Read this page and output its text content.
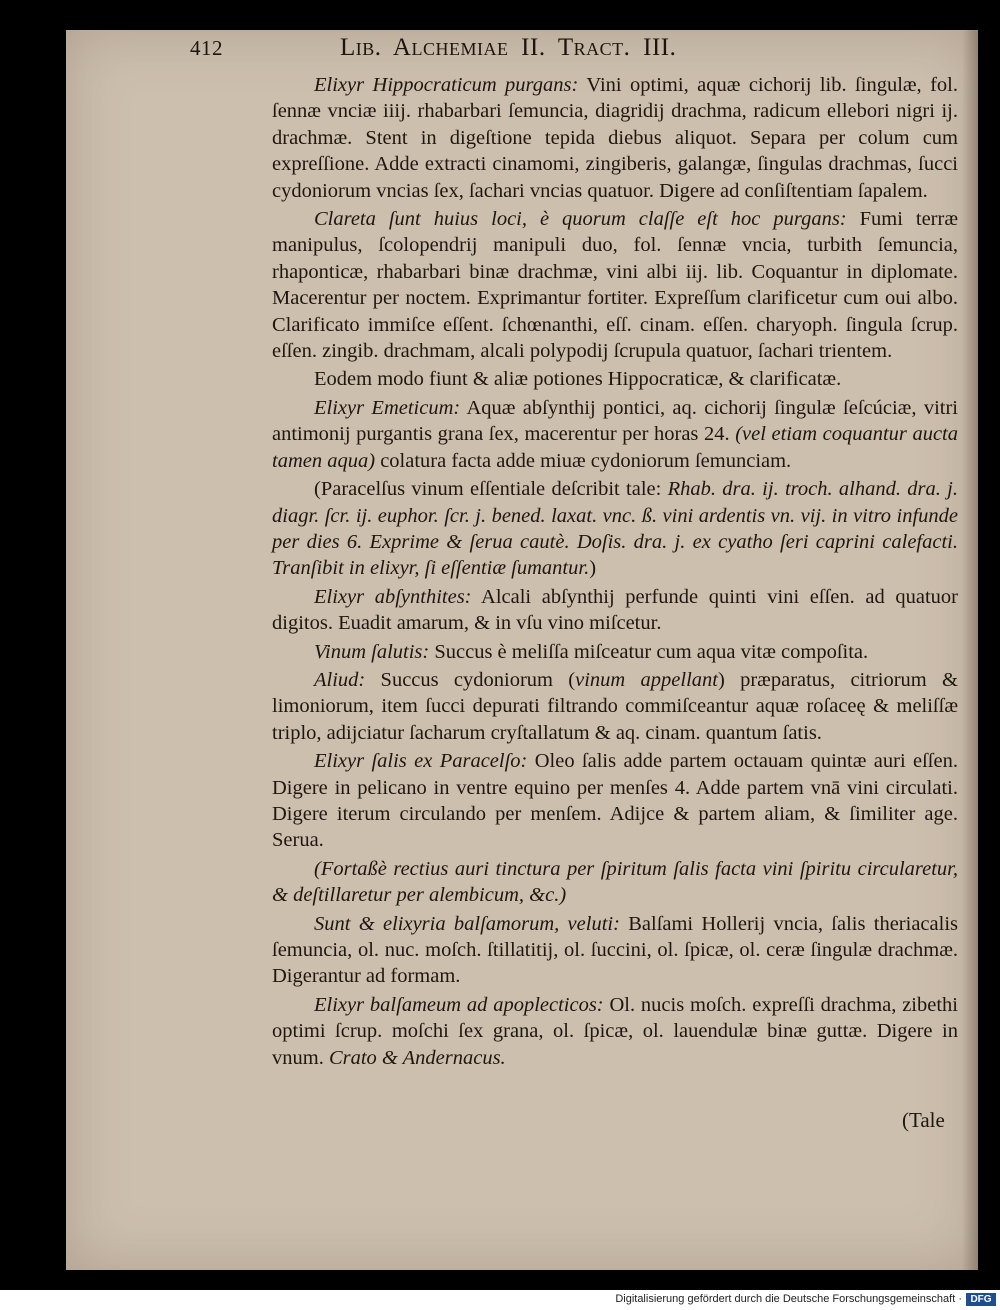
412	Lib. Alchemiae II. Tract. III.

Elixyr Hippocraticum purgans: Vini optimi, aquæ cichorij lib. ſingulæ, fol. ſennæ vnciæ iiij. rhabarbari ſemuncia, diagridij drachma, radicum ellebori nigri ij. drachmæ. Stent in digeſtione tepida diebus aliquot. Separa per colum cum expreſſione. Adde extracti cinamomi, zingiberis, galangæ, ſingulas drachmas, ſucci cydoniorum vncias ſex, ſachari vncias quatuor. Digere ad conſiſtentiam ſapalem.

Clareta ſunt huius loci, è quorum claſſe eſt hoc purgans: Fumi terræ manipulus, ſcolopendrij manipuli duo, fol. ſennæ vncia, turbith ſemuncia, rhaponticæ, rhabarbari binæ drachmæ, vini albi iij. lib. Coquantur in diplomate. Macerentur per noctem. Exprimantur fortiter. Expreſſum clarificetur cum oui albo. Clarificato immiſce eſſent. ſchœnanthi, eſſ. cinam. eſſen. charyoph. ſingula ſcrup. eſſen. zingib. drachmam, alcali polypodij ſcrupula quatuor, ſachari trientem.

Eodem modo fiunt & aliæ potiones Hippocraticæ, & clarificatæ.

Elixyr Emeticum: Aquæ abſynthij pontici, aq. cichorij ſingulæ ſeſcúciæ, vitri antimonij purgantis grana ſex, macerentur per horas 24. (vel etiam coquantur aucta tamen aqua) colatura facta adde miuæ cydoniorum ſemunciam.

(Paracelſus vinum eſſentiale deſcribit tale: Rhab. dra. ij. troch. alhand. dra. j. diagr. ſcr. ij. euphor. ſcr. j. bened. laxat. vnc. ß. vini ardentis vn. vij. in vitro infunde per dies 6. Exprime & ſerua cautè. Doſis. dra. j. ex cyatho ſeri caprini calefacti. Tranſibit in elixyr, ſi eſſentiæ ſumantur.)

Elixyr abſynthites: Alcali abſynthij perfunde quinti vini eſſen. ad quatuor digitos. Euadit amarum, & in vſu vino miſcetur.

Vinum ſalutis: Succus è meliſſa miſceatur cum aqua vitæ compoſita.

Aliud: Succus cydoniorum (vinum appellant) præparatus, citriorum & limoniorum, item ſucci depurati filtrando commiſceantur aquæ roſaceę & meliſſæ triplo, adijciatur ſacharum cryſtallatum & aq. cinam. quantum ſatis.

Elixyr ſalis ex Paracelſo: Oleo ſalis adde partem octauam quintæ auri eſſen. Digere in pelicano in ventre equino per menſes 4. Adde partem vnā vini circulati. Digere iterum circulando per menſem. Adijce & partem aliam, & ſimiliter age. Serua.

(Fortaßè rectius auri tinctura per ſpiritum ſalis facta vini ſpiritu circularetur, & deſtillaretur per alembicum, &c.)

Sunt & elixyria balſamorum, veluti: Balſami Hollerij vncia, ſalis theriacalis ſemuncia, ol. nuc. moſch. ſtillatitij, ol. ſuccini, ol. ſpicæ, ol. ceræ ſingulæ drachmæ. Digerantur ad formam.

Elixyr balſameum ad apoplecticos: Ol. nucis moſch. expreſſi drachma, zibethi optimi ſcrup. moſchi ſex grana, ol. ſpicæ, ol. lauendulæ binæ guttæ. Digere in vnum. Crato & Andernacus.

(Tale
Digitalisierung gefördert durch die Deutsche Forschungsgemeinschaft · DFG
